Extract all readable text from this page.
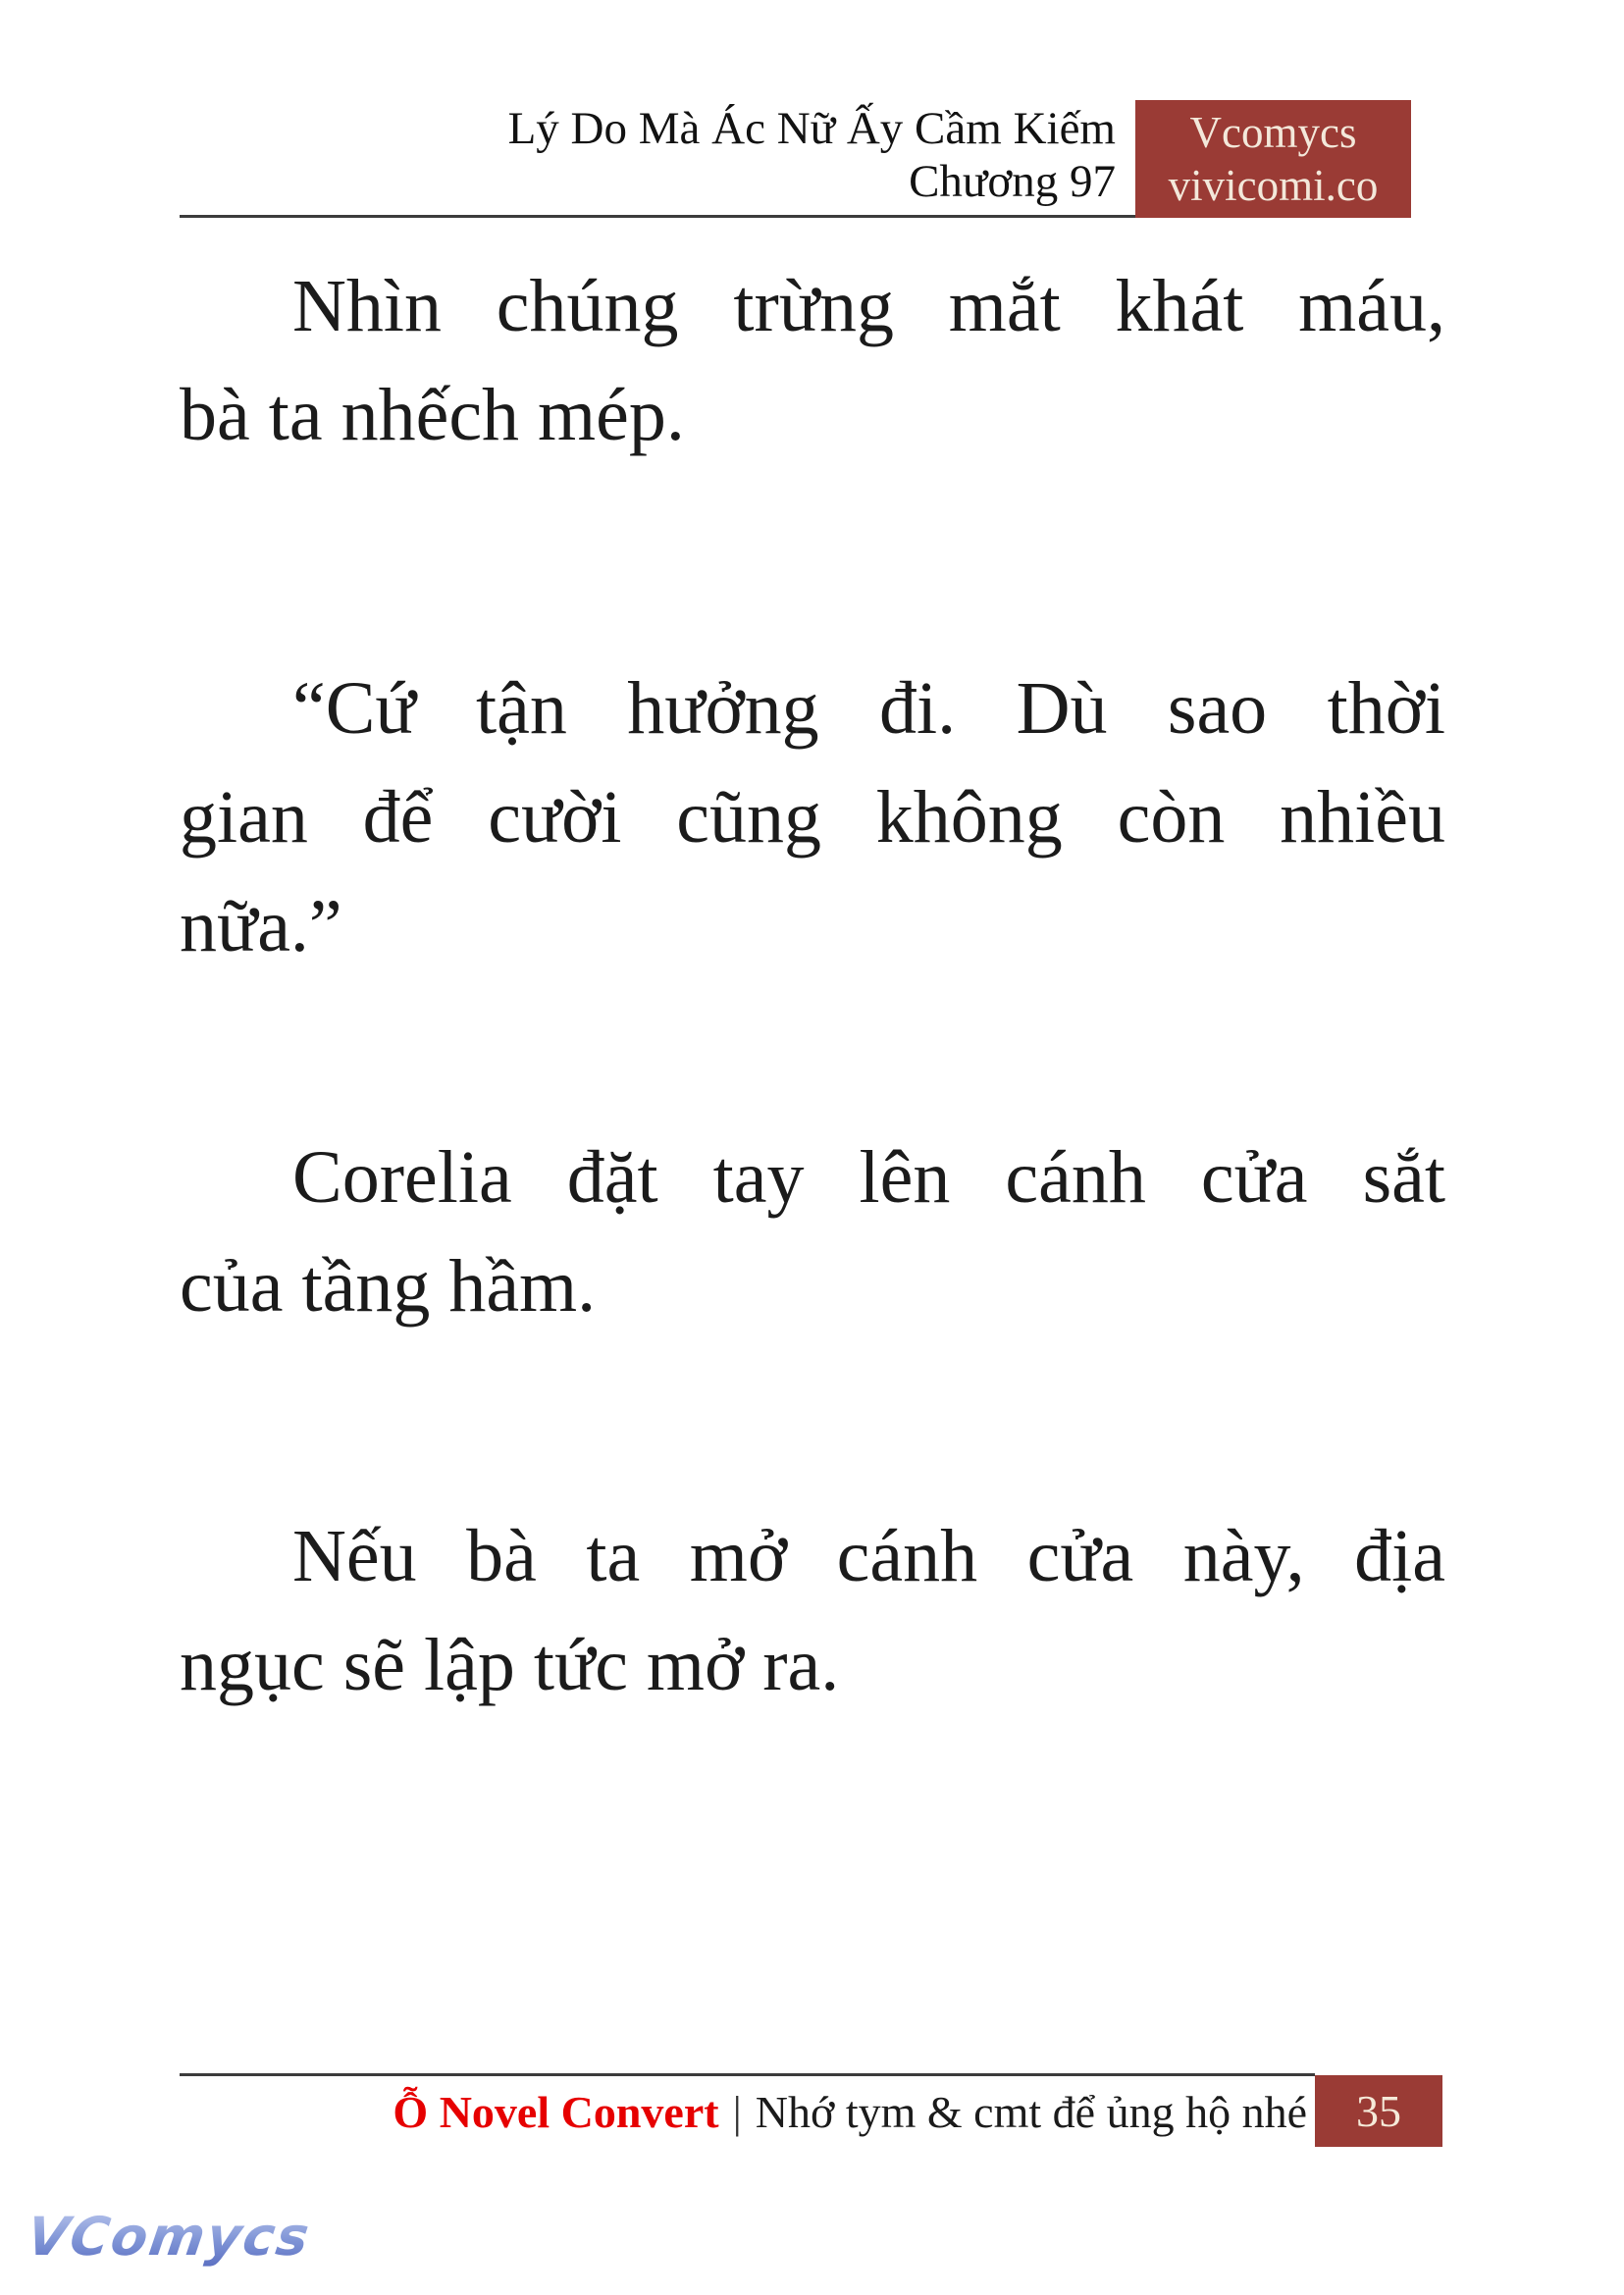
Lý Do Mà Ác Nữ Ấy Cầm Kiếm
Chương 97
Vcomycs
vivicomi.co
Nhìn chúng trừng mắt khát máu,
bà ta nhếch mép.
“Cứ tận hưởng đi. Dù sao thời
gian để cười cũng không còn nhiều
nữa.”
Corelia đặt tay lên cánh cửa sắt
của tầng hầm.
Nếu bà ta mở cánh cửa này, địa
ngục sẽ lập tức mở ra.
Ỗ Novel Convert | Nhớ tym & cmt để ủng hộ nhé 35
VComycs
